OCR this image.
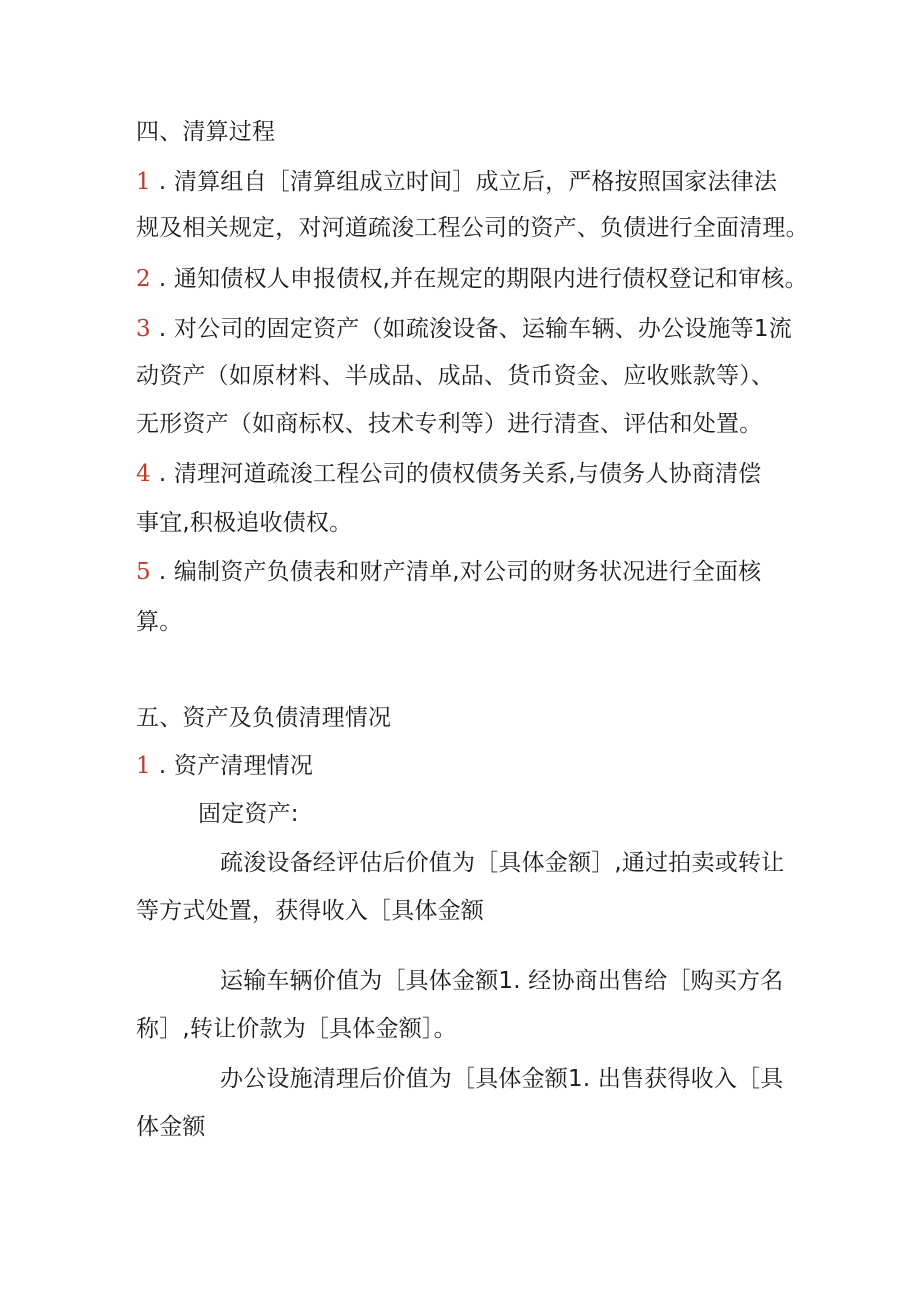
四、清算过程
1 . 清算组自［清算组成立时间］成立后，严格按照国家法律法
规及相关规定，对河道疏浚工程公司的资产、负债进行全面清理。
2 . 通知债权人申报债权,并在规定的期限内进行债权登记和审核。
3 . 对公司的固定资产（如疏浚设备、运输车辆、办公设施等1流
动资产（如原材料、半成品、成品、货币资金、应收账款等）、
无形资产（如商标权、技术专利等）进行清查、评估和处置。
4 . 清理河道疏浚工程公司的债权债务关系,与债务人协商清偿
事宜,积极追收债权。
5 . 编制资产负债表和财产清单,对公司的财务状况进行全面核
算。
五、资产及负债清理情况
1 . 资产清理情况
固定资产:
疏浚设备经评估后价值为［具体金额］,通过拍卖或转让
等方式处置，获得收入［具体金额
运输车辆价值为［具体金额1. 经协商出售给［购买方名
称］,转让价款为［具体金额］。
办公设施清理后价值为［具体金额1. 出售获得收入［具
体金额
